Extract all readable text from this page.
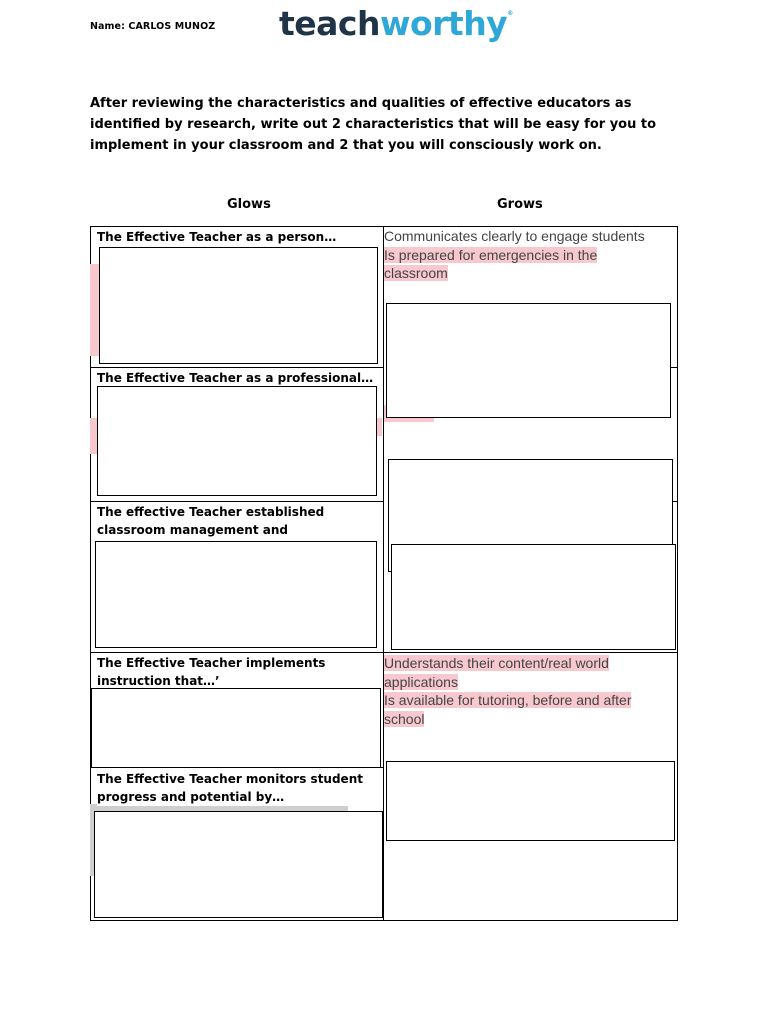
Name: CARLOS MUNOZ teachworthy®
After reviewing the characteristics and qualities of effective educators as identified by research, write out 2 characteristics that will be easy for you to implement in your classroom and 2 that you will consciously work on.
Glows	Grows
The Effective Teacher as a person…	Communicates clearly to engage students
Is prepared for emergencies in the
classroom
The Effective Teacher as a professional…
The effective Teacher established classroom management and
The Effective Teacher implements instruction that…’
Understands their content/real world
applications
Is available for tutoring, before and after
school
The Effective Teacher monitors student progress and potential by…
